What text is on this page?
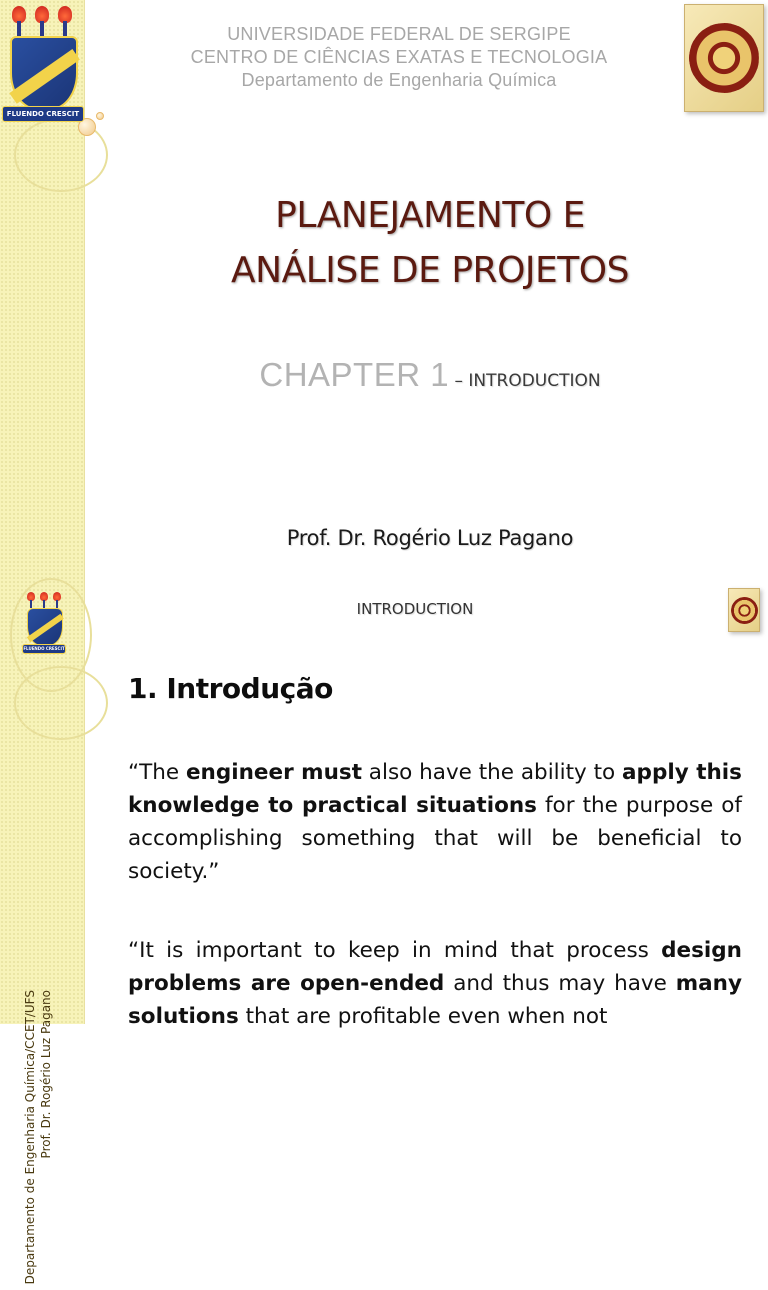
FLUENDO CRESCIT
UNIVERSIDADE FEDERAL DE SERGIPE
CENTRO DE CIÊNCIAS EXATAS E TECNOLOGIA
Departamento de Engenharia Química
PLANEJAMENTO E
ANÁLISE DE PROJETOS
CHAPTER 1 – INTRODUCTION
Prof. Dr. Rogério Luz Pagano
FLUENDO CRESCIT
INTRODUCTION
Departamento de Engenharia Química/CCET/UFS Prof. Dr. Rogério Luz Pagano
1. Introdução
“The engineer must also have the ability to apply this knowledge to practical situations for the purpose of accomplishing something that will be beneficial to society.”
“It is important to keep in mind that process design problems are open-ended and thus may have many solutions that are profitable even when not
